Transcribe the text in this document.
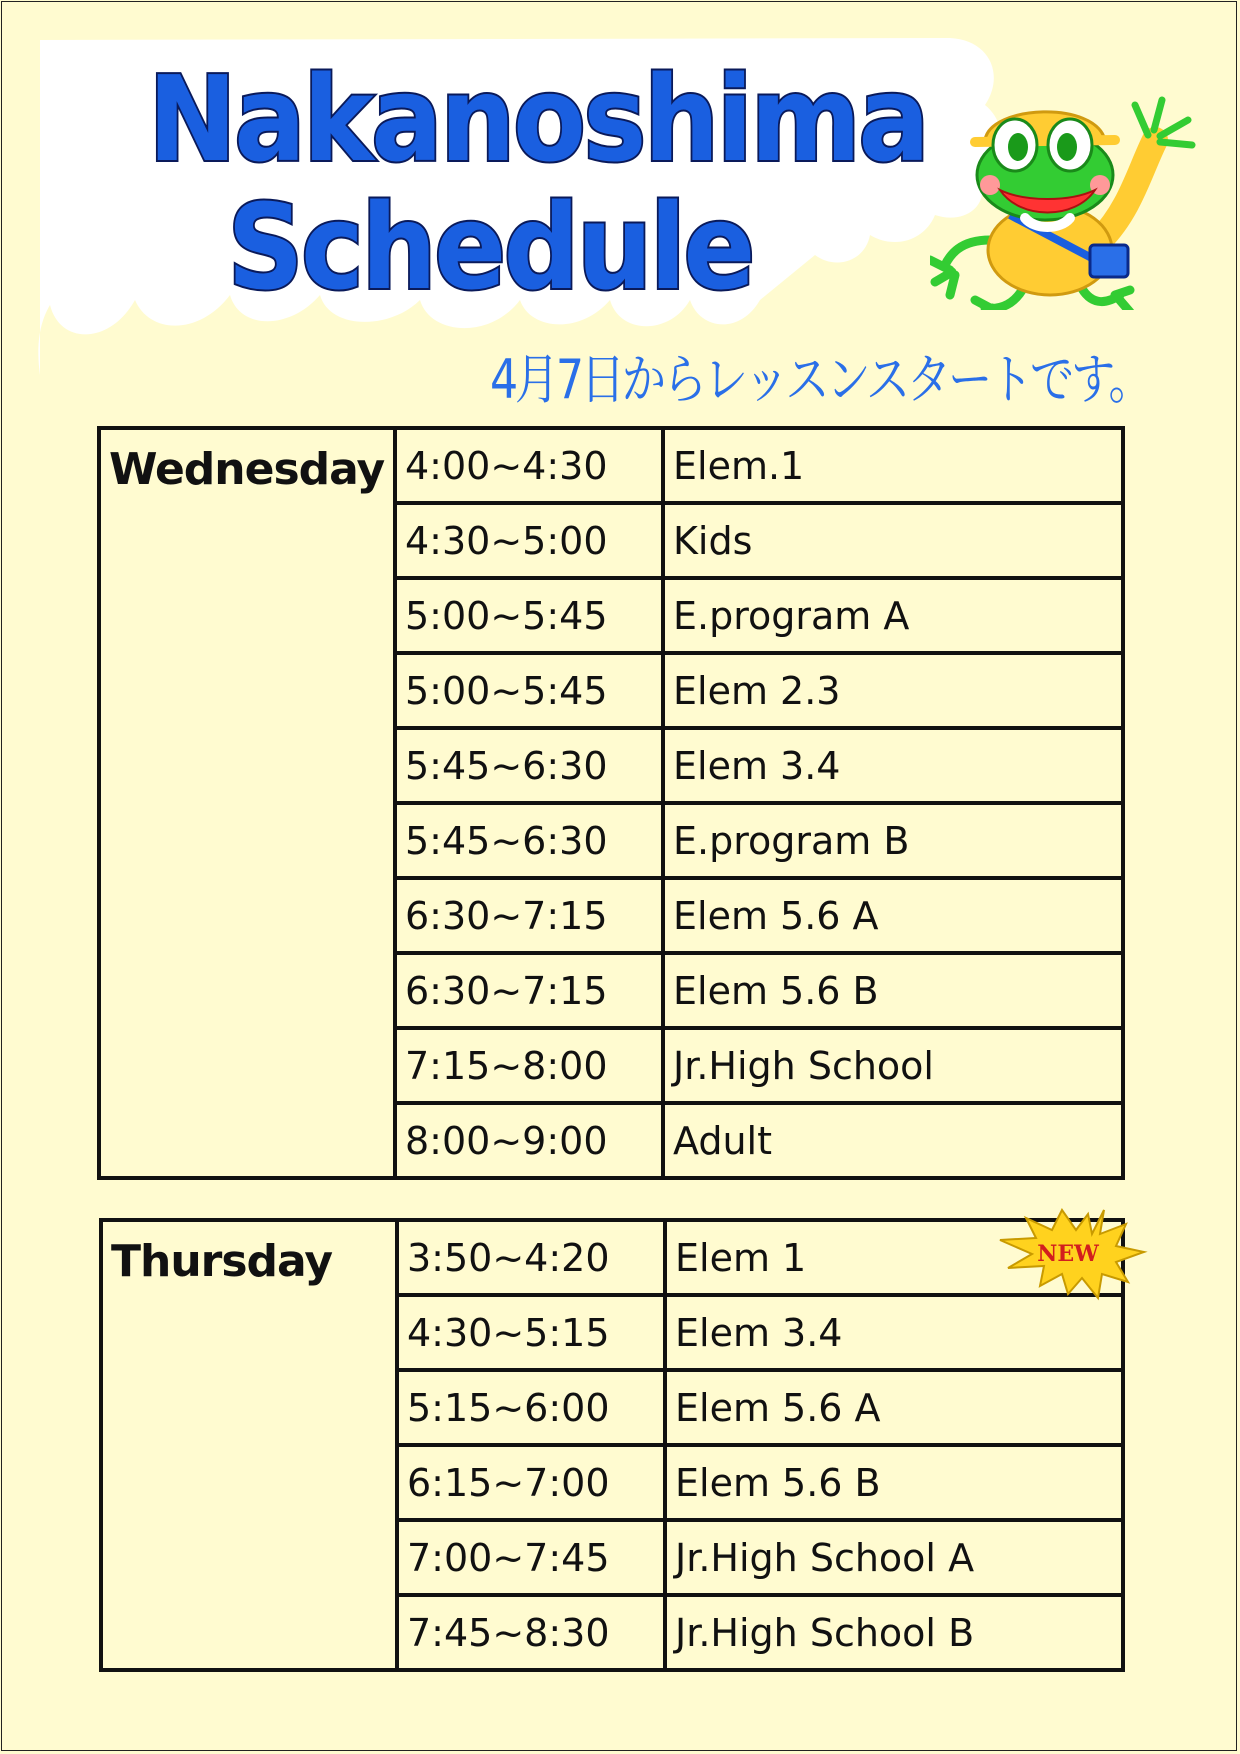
Nakanoshima
Schedule
4月7日からレッスンスタートです。
Wednesday	4:00~4:30	Elem.1
	4:30~5:00	Kids
	5:00~5:45	E.program A
	5:00~5:45	Elem 2.3
	5:45~6:30	Elem 3.4
	5:45~6:30	E.program B
	6:30~7:15	Elem 5.6 A
	6:30~7:15	Elem 5.6 B
	7:15~8:00	Jr.High School
	8:00~9:00	Adult
Thursday	3:50~4:20	Elem 1
	4:30~5:15	Elem 3.4
	5:15~6:00	Elem 5.6 A
	6:15~7:00	Elem 5.6 B
	7:00~7:45	Jr.High School A
	7:45~8:30	Jr.High School B
NEW
